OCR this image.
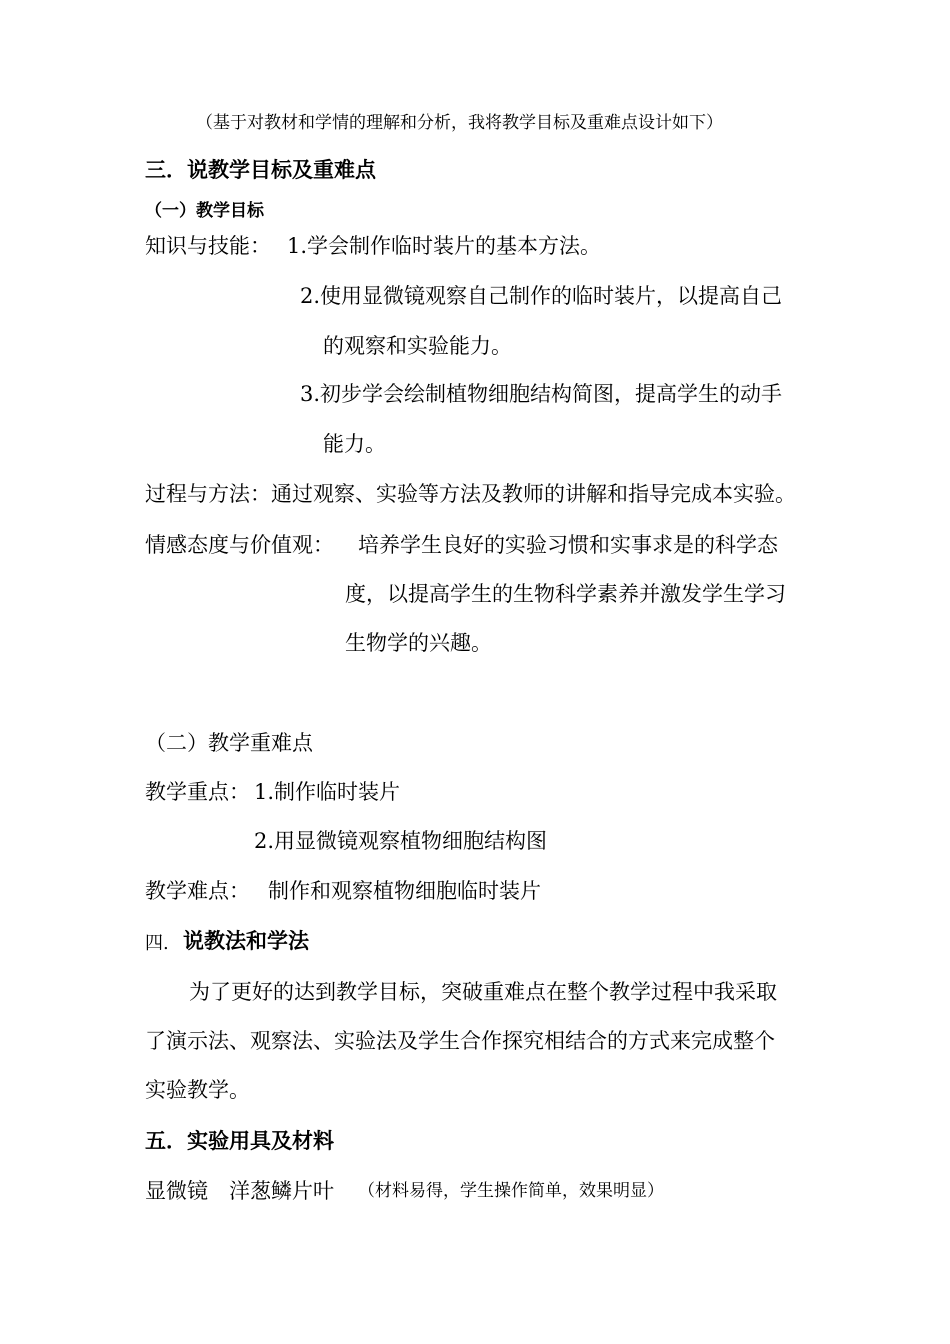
（基于对教材和学情的理解和分析，我将教学目标及重难点设计如下）
三．说教学目标及重难点
（一）教学目标
知识与技能： 1.学会制作临时装片的基本方法。
2.使用显微镜观察自己制作的临时装片，以提高自己
的观察和实验能力。
3.初步学会绘制植物细胞结构简图，提高学生的动手
能力。
过程与方法：通过观察、实验等方法及教师的讲解和指导完成本实验。
情感态度与价值观： 培养学生良好的实验习惯和实事求是的科学态
度，以提高学生的生物科学素养并激发学生学习
生物学的兴趣。
（二）教学重难点
教学重点： 1.制作临时装片
2.用显微镜观察植物细胞结构图
教学难点： 制作和观察植物细胞临时装片
四. 说教法和学法
为了更好的达到教学目标，突破重难点在整个教学过程中我采取
了演示法、观察法、实验法及学生合作探究相结合的方式来完成整个
实验教学。
五．实验用具及材料
显微镜　洋葱鳞片叶 （材料易得，学生操作简单，效果明显）
